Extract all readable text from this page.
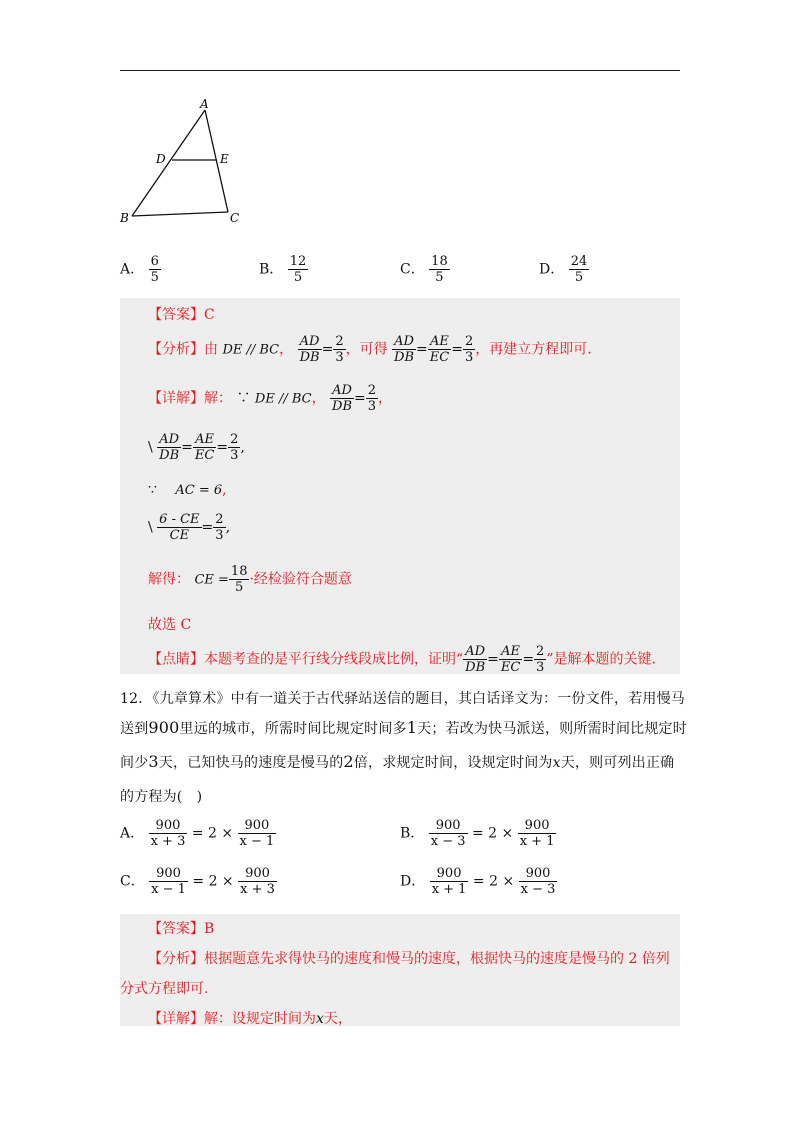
A
D	E
B	C
A． $\frac{6}{5}$	B． $\frac{12}{5}$	C． $\frac{18}{5}$	D． $\frac{24}{5}$
【答案】C
【分析】由 DE // BC， $\frac{AD}{DB} = \frac{2}{3}$ ，可得 $\frac{AD}{DB} = \frac{AE}{EC} = \frac{2}{3}$ ，再建立方程即可.
【详解】解： ∵ DE // BC， $\frac{AD}{DB} = \frac{2}{3}$ ，
\ $\frac{AD}{DB} = \frac{AE}{EC} = \frac{2}{3}$ ,
∵ AC = 6,
\ $\frac{6 - CE}{CE} = \frac{2}{3}$ ,
解得： CE = $\frac{18}{5}$ ·经检验符合题意
故选 C
【点睛】本题考查的是平行线分线段成比例，证明“ $\frac{AD}{DB} = \frac{AE}{EC} = \frac{2}{3}$ ”是解本题的关键.
12．《九章算术》中有一道关于古代驿站送信的题目，其白话译文为：一份文件，若用慢马
送到900里远的城市，所需时间比规定时间多1天；若改为快马派送，则所需时间比规定时
间少3天，已知快马的速度是慢马的2倍，求规定时间，设规定时间为x天，则可列出正确
的方程为(　)
A． $\frac{900}{x + 3} = 2 \times \frac{900}{x - 1}$	B． $\frac{900}{x - 3} = 2 \times \frac{900}{x + 1}$
C． $\frac{900}{x - 1} = 2 \times \frac{900}{x + 3}$	D． $\frac{900}{x + 1} = 2 \times \frac{900}{x - 3}$
【答案】B
【分析】根据题意先求得快马的速度和慢马的速度，根据快马的速度是慢马的 2 倍列
分式方程即可.
【详解】解：设规定时间为x天，
